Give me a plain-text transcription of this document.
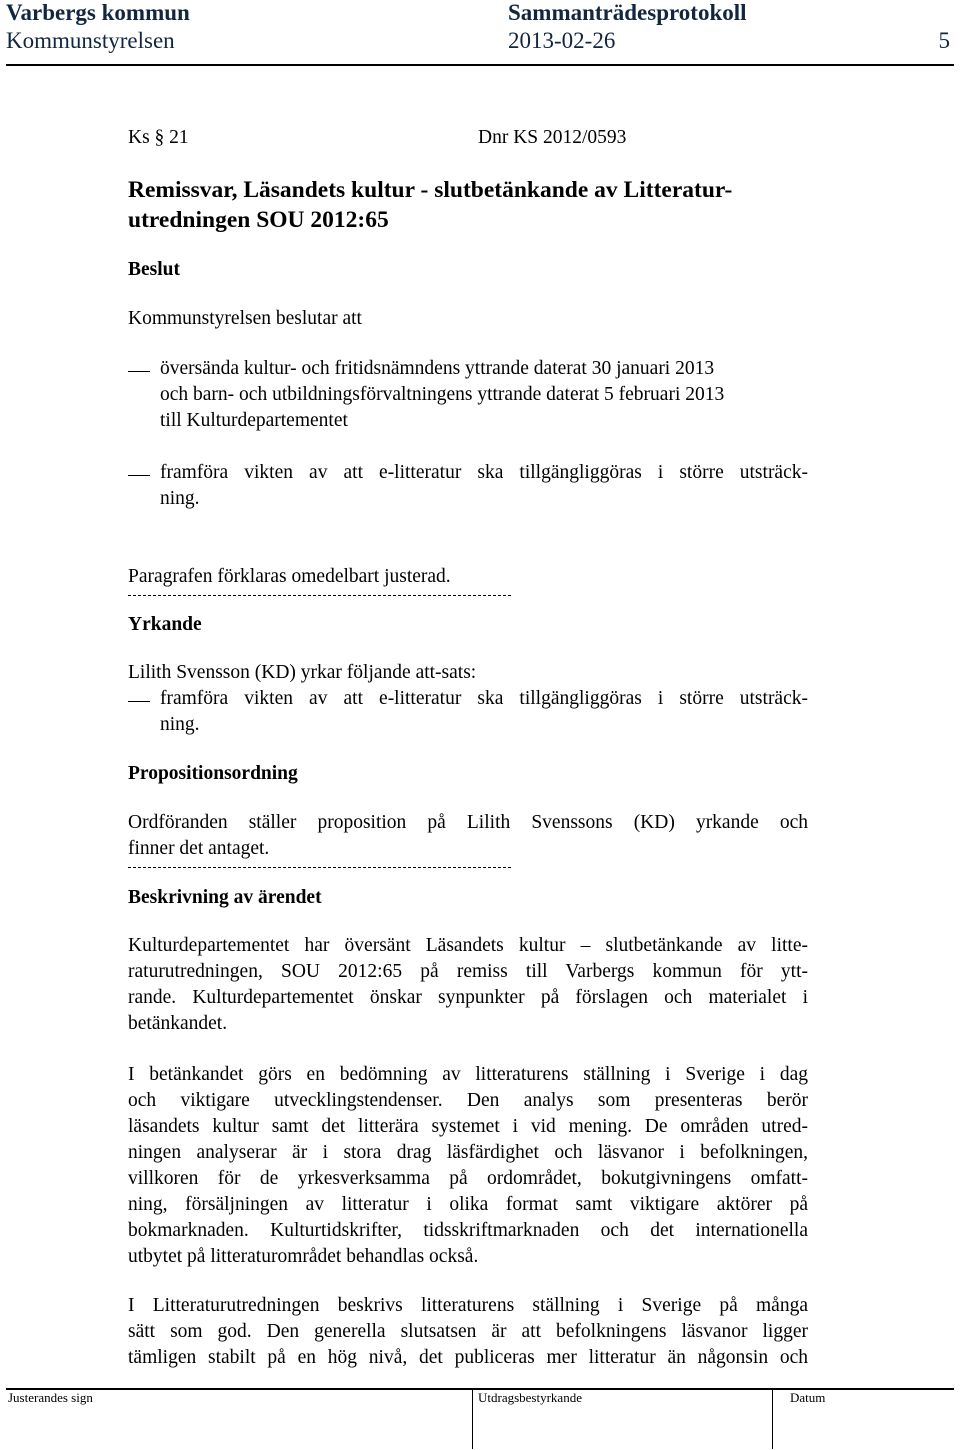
Varbergs kommun	Sammanträdesprotokoll
Kommunstyrelsen	2013-02-26	5
Ks § 21	Dnr KS 2012/0593
Remissvar, Läsandets kultur - slutbetänkande av Litteratur-
utredningen SOU 2012:65
Beslut
Kommunstyrelsen beslutar att
översända kultur- och fritidsnämndens yttrande daterat 30 januari 2013
och barn- och utbildningsförvaltningens yttrande daterat 5 februari 2013
till Kulturdepartementet
framföra vikten av att e-litteratur ska tillgängliggöras i större utsträck-
ning.
Paragrafen förklaras omedelbart justerad.
Yrkande
Lilith Svensson (KD) yrkar följande att-sats:
framföra vikten av att e-litteratur ska tillgängliggöras i större utsträck-
ning.
Propositionsordning
Ordföranden ställer proposition på Lilith Svenssons (KD) yrkande och
finner det antaget.
Beskrivning av ärendet
Kulturdepartementet har översänt Läsandets kultur – slutbetänkande av litte-
raturutredningen, SOU 2012:65 på remiss till Varbergs kommun för ytt-
rande. Kulturdepartementet önskar synpunkter på förslagen och materialet i
betänkandet.
I betänkandet görs en bedömning av litteraturens ställning i Sverige i dag
och viktigare utvecklingstendenser. Den analys som presenteras berör
läsandets kultur samt det litterära systemet i vid mening. De områden utred-
ningen analyserar är i stora drag läsfärdighet och läsvanor i befolkningen,
villkoren för de yrkesverksamma på ordområdet, bokutgivningens omfatt-
ning, försäljningen av litteratur i olika format samt viktigare aktörer på
bokmarknaden. Kulturtidskrifter, tidsskriftmarknaden och det internationella
utbytet på litteraturområdet behandlas också.
I Litteraturutredningen beskrivs litteraturens ställning i Sverige på många
sätt som god. Den generella slutsatsen är att befolkningens läsvanor ligger
tämligen stabilt på en hög nivå, det publiceras mer litteratur än någonsin och
Justerandes sign	Utdragsbestyrkande	Datum
